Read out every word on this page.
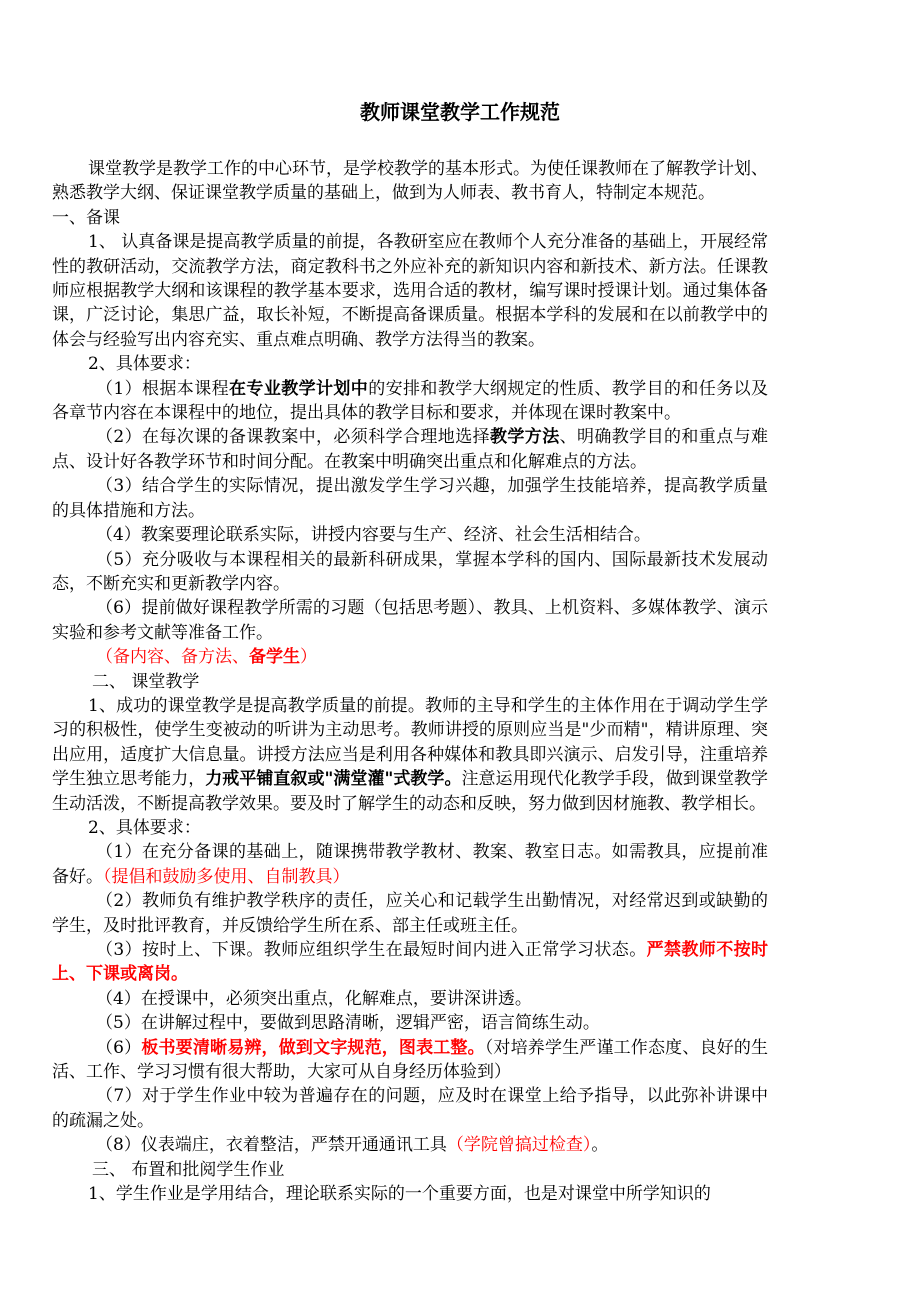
教师课堂教学工作规范

课堂教学是教学工作的中心环节，是学校教学的基本形式。为使任课教师在了解教学计划、熟悉教学大纲、保证课堂教学质量的基础上，做到为人师表、教书育人，特制定本规范。

一、备课

1、 认真备课是提高教学质量的前提，各教研室应在教师个人充分准备的基础上，开展经常性的教研活动，交流教学方法，商定教科书之外应补充的新知识内容和新技术、新方法。任课教师应根据教学大纲和该课程的教学基本要求，选用合适的教材，编写课时授课计划。通过集体备课，广泛讨论，集思广益，取长补短，不断提高备课质量。根据本学科的发展和在以前教学中的体会与经验写出内容充实、重点难点明确、教学方法得当的教案。

2、具体要求：

（1）根据本课程在专业教学计划中的安排和教学大纲规定的性质、教学目的和任务以及各章节内容在本课程中的地位，提出具体的教学目标和要求，并体现在课时教案中。

（2）在每次课的备课教案中，必须科学合理地选择教学方法、明确教学目的和重点与难点、设计好各教学环节和时间分配。在教案中明确突出重点和化解难点的方法。

（3）结合学生的实际情况，提出激发学生学习兴趣，加强学生技能培养，提高教学质量的具体措施和方法。

（4）教案要理论联系实际，讲授内容要与生产、经济、社会生活相结合。

（5）充分吸收与本课程相关的最新科研成果，掌握本学科的国内、国际最新技术发展动态，不断充实和更新教学内容。

（6）提前做好课程教学所需的习题（包括思考题）、教具、上机资料、多媒体教学、演示实验和参考文献等准备工作。

（备内容、备方法、备学生）

二、 课堂教学

1、成功的课堂教学是提高教学质量的前提。教师的主导和学生的主体作用在于调动学生学习的积极性，使学生变被动的听讲为主动思考。教师讲授的原则应当是"少而精"，精讲原理、突出应用，适度扩大信息量。讲授方法应当是利用各种媒体和教具即兴演示、启发引导，注重培养学生独立思考能力，力戒平铺直叙或"满堂灌"式教学。注意运用现代化教学手段，做到课堂教学生动活泼，不断提高教学效果。要及时了解学生的动态和反映，努力做到因材施教、教学相长。

2、具体要求：

（1）在充分备课的基础上，随课携带教学教材、教案、教室日志。如需教具，应提前准备好。（提倡和鼓励多使用、自制教具）

（2）教师负有维护教学秩序的责任，应关心和记载学生出勤情况，对经常迟到或缺勤的学生，及时批评教育，并反馈给学生所在系、部主任或班主任。

（3）按时上、下课。教师应组织学生在最短时间内进入正常学习状态。严禁教师不按时上、下课或离岗。

（4）在授课中，必须突出重点，化解难点，要讲深讲透。

（5）在讲解过程中，要做到思路清晰，逻辑严密，语言简练生动。

（6）板书要清晰易辨，做到文字规范，图表工整。（对培养学生严谨工作态度、良好的生活、工作、学习习惯有很大帮助，大家可从自身经历体验到）

（7）对于学生作业中较为普遍存在的问题，应及时在课堂上给予指导，以此弥补讲课中的疏漏之处。

（8）仪表端庄，衣着整洁，严禁开通通讯工具（学院曾搞过检查）。

三、 布置和批阅学生作业

1、学生作业是学用结合，理论联系实际的一个重要方面，也是对课堂中所学知识的
